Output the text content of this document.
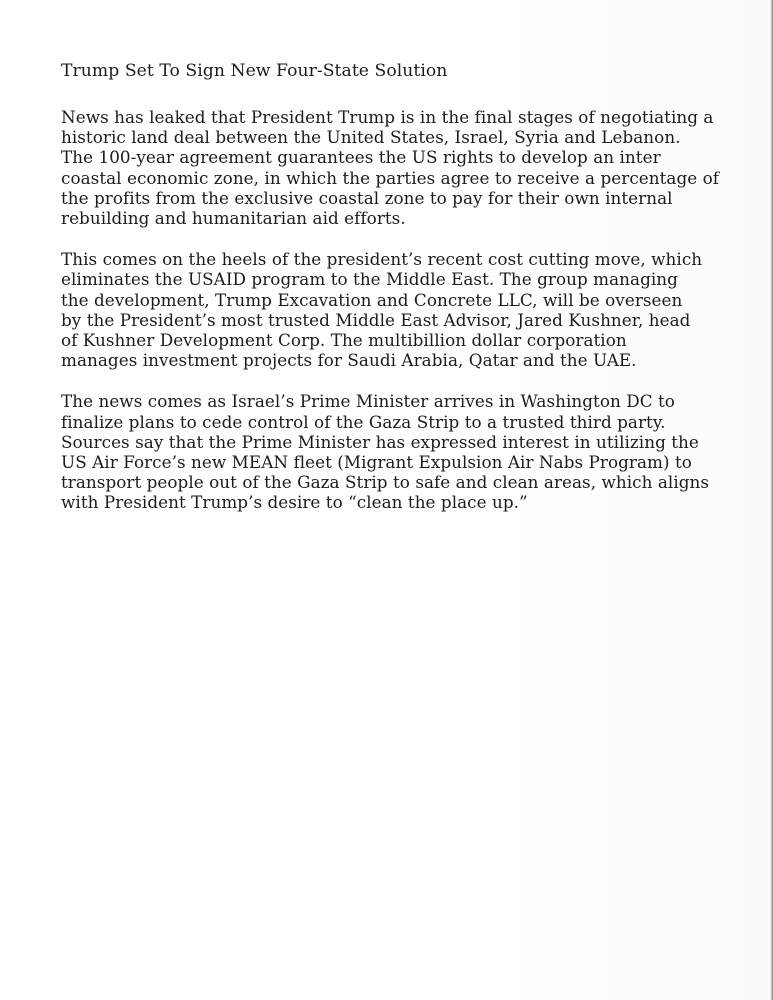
Trump Set To Sign New Four-State Solution

News has leaked that President Trump is in the final stages of negotiating a
historic land deal between the United States, Israel, Syria and Lebanon.
The 100-year agreement guarantees the US rights to develop an inter
coastal economic zone, in which the parties agree to receive a percentage of
the profits from the exclusive coastal zone to pay for their own internal
rebuilding and humanitarian aid efforts.

This comes on the heels of the president’s recent cost cutting move, which
eliminates the USAID program to the Middle East. The group managing
the development, Trump Excavation and Concrete LLC, will be overseen
by the President’s most trusted Middle East Advisor, Jared Kushner, head
of Kushner Development Corp. The multibillion dollar corporation
manages investment projects for Saudi Arabia, Qatar and the UAE.

The news comes as Israel’s Prime Minister arrives in Washington DC to
finalize plans to cede control of the Gaza Strip to a trusted third party.
Sources say that the Prime Minister has expressed interest in utilizing the
US Air Force’s new MEAN fleet (Migrant Expulsion Air Nabs Program) to
transport people out of the Gaza Strip to safe and clean areas, which aligns
with President Trump’s desire to “clean the place up.”
